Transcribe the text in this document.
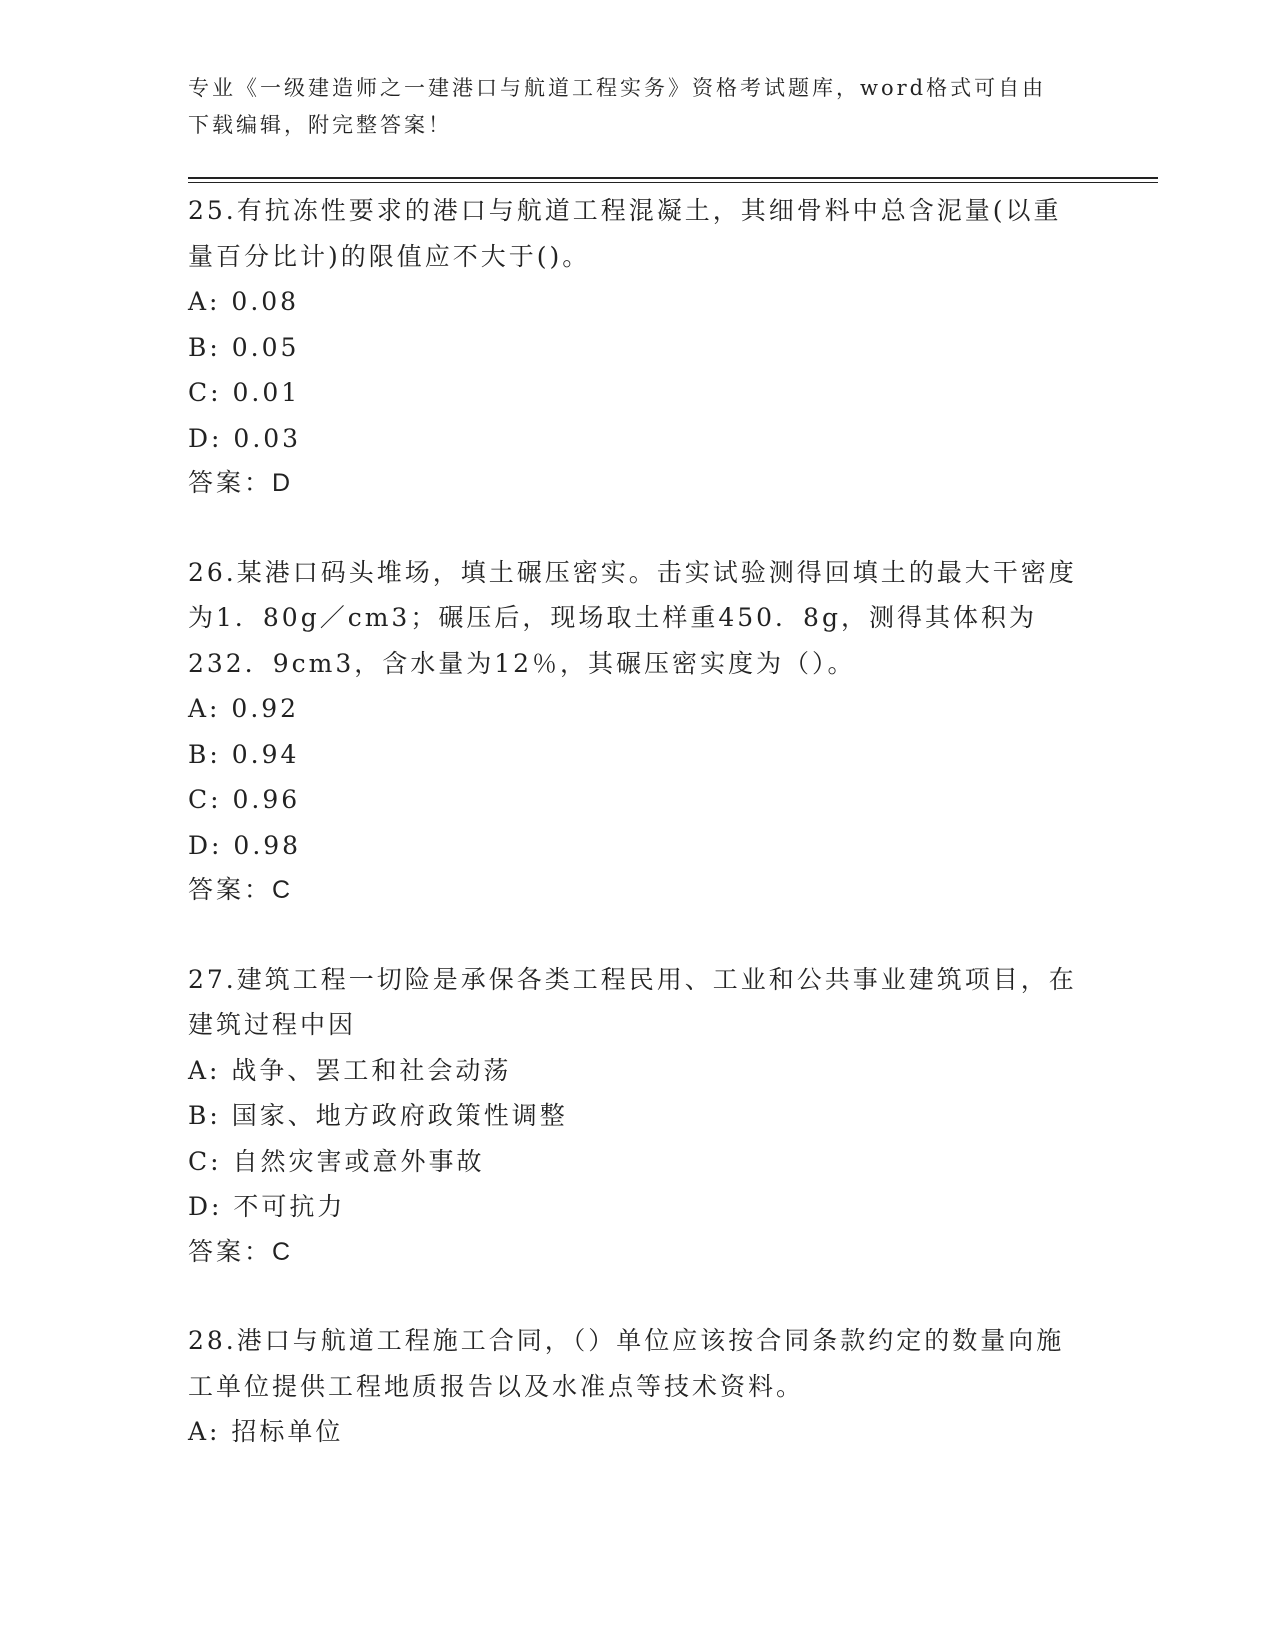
专业《一级建造师之一建港口与航道工程实务》资格考试题库，word格式可自由下载编辑，附完整答案！
25.有抗冻性要求的港口与航道工程混凝土，其细骨料中总含泥量(以重量百分比计)的限值应不大于()。
A: 0.08
B: 0.05
C: 0.01
D: 0.03
答案：D
26.某港口码头堆场，填土碾压密实。击实试验测得回填土的最大干密度为1．80g／cm3；碾压后，现场取土样重450．8g，测得其体积为232．9cm3，含水量为12％，其碾压密实度为（）。
A: 0.92
B: 0.94
C: 0.96
D: 0.98
答案：C
27.建筑工程一切险是承保各类工程民用、工业和公共事业建筑项目，在建筑过程中因
A: 战争、罢工和社会动荡
B: 国家、地方政府政策性调整
C: 自然灾害或意外事故
D: 不可抗力
答案：C
28.港口与航道工程施工合同，（）单位应该按合同条款约定的数量向施工单位提供工程地质报告以及水准点等技术资料。
A: 招标单位
